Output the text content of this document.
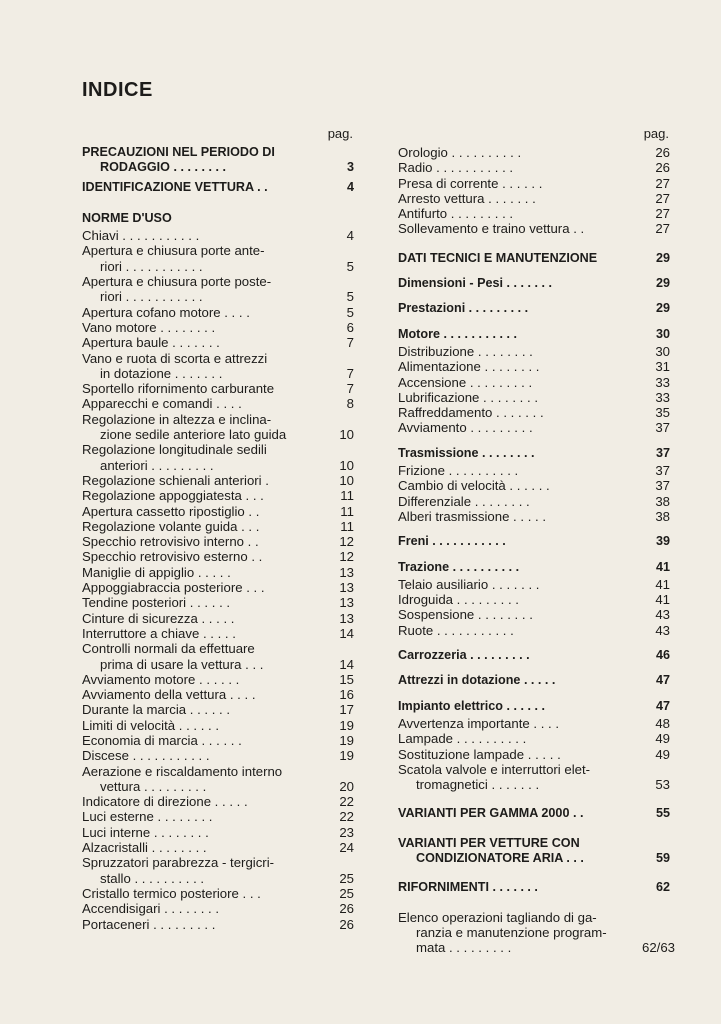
INDICE
pag.
PRECAUZIONI NEL PERIODO DI
RODAGGIO . . . . . . . .	3
IDENTIFICAZIONE VETTURA . .	4
NORME D'USO
Chiavi . . . . . . . . . . .	4
Apertura e chiusura porte ante-
riori . . . . . . . . . . .	5
Apertura e chiusura porte poste-
riori . . . . . . . . . . .	5
Apertura cofano motore . . . .	5
Vano motore . . . . . . . .	6
Apertura baule . . . . . . .	7
Vano e ruota di scorta e attrezzi
in dotazione . . . . . . .	7
Sportello rifornimento carburante	7
Apparecchi e comandi . . . .	8
Regolazione in altezza e inclina-
zione sedile anteriore lato guida	10
Regolazione longitudinale sedili
anteriori . . . . . . . . .	10
Regolazione schienali anteriori .	10
Regolazione appoggiatesta . . .	11
Apertura cassetto ripostiglio . .	11
Regolazione volante guida . . .	11
Specchio retrovisivo interno . .	12
Specchio retrovisivo esterno . .	12
Maniglie di appiglio . . . . .	13
Appoggiabraccia posteriore . . .	13
Tendine posteriori . . . . . .	13
Cinture di sicurezza . . . . .	13
Interruttore a chiave . . . . .	14
Controlli normali da effettuare
prima di usare la vettura . . .	14
Avviamento motore . . . . . .	15
Avviamento della vettura . . . .	16
Durante la marcia . . . . . .	17
Limiti di velocità . . . . . .	19
Economia di marcia . . . . . .	19
Discese . . . . . . . . . . .	19
Aerazione e riscaldamento interno
vettura . . . . . . . . .	20
Indicatore di direzione . . . . .	22
Luci esterne . . . . . . . .	22
Luci interne . . . . . . . .	23
Alzacristalli . . . . . . . .	24
Spruzzatori parabrezza - tergicri-
stallo . . . . . . . . . .	25
Cristallo termico posteriore . . .	25
Accendisigari . . . . . . . .	26
Portaceneri . . . . . . . . .	26
pag.
Orologio . . . . . . . . . .	26
Radio . . . . . . . . . . .	26
Presa di corrente . . . . . .	27
Arresto vettura . . . . . . .	27
Antifurto . . . . . . . . .	27
Sollevamento e traino vettura . .	27
DATI TECNICI E MANUTENZIONE	29
Dimensioni - Pesi . . . . . . .	29
Prestazioni . . . . . . . . .	29
Motore . . . . . . . . . . .	30
Distribuzione . . . . . . . .	30
Alimentazione . . . . . . . .	31
Accensione . . . . . . . . .	33
Lubrificazione . . . . . . . .	33
Raffreddamento . . . . . . .	35
Avviamento . . . . . . . . .	37
Trasmissione . . . . . . . .	37
Frizione . . . . . . . . . .	37
Cambio di velocità . . . . . .	37
Differenziale . . . . . . . .	38
Alberi trasmissione . . . . .	38
Freni . . . . . . . . . . .	39
Trazione . . . . . . . . . .	41
Telaio ausiliario . . . . . . .	41
Idroguida . . . . . . . . .	41
Sospensione . . . . . . . .	43
Ruote . . . . . . . . . . .	43
Carrozzeria . . . . . . . . .	46
Attrezzi in dotazione . . . . .	47
Impianto elettrico . . . . . .	47
Avvertenza importante . . . .	48
Lampade . . . . . . . . . .	49
Sostituzione lampade . . . . .	49
Scatola valvole e interruttori elet-
tromagnetici . . . . . . .	53
VARIANTI PER GAMMA 2000 . .	55
VARIANTI PER VETTURE CON
CONDIZIONATORE ARIA . . .	59
RIFORNIMENTI . . . . . . .	62
Elenco operazioni tagliando di ga-
ranzia e manutenzione program-
mata . . . . . . . . .	62/63
